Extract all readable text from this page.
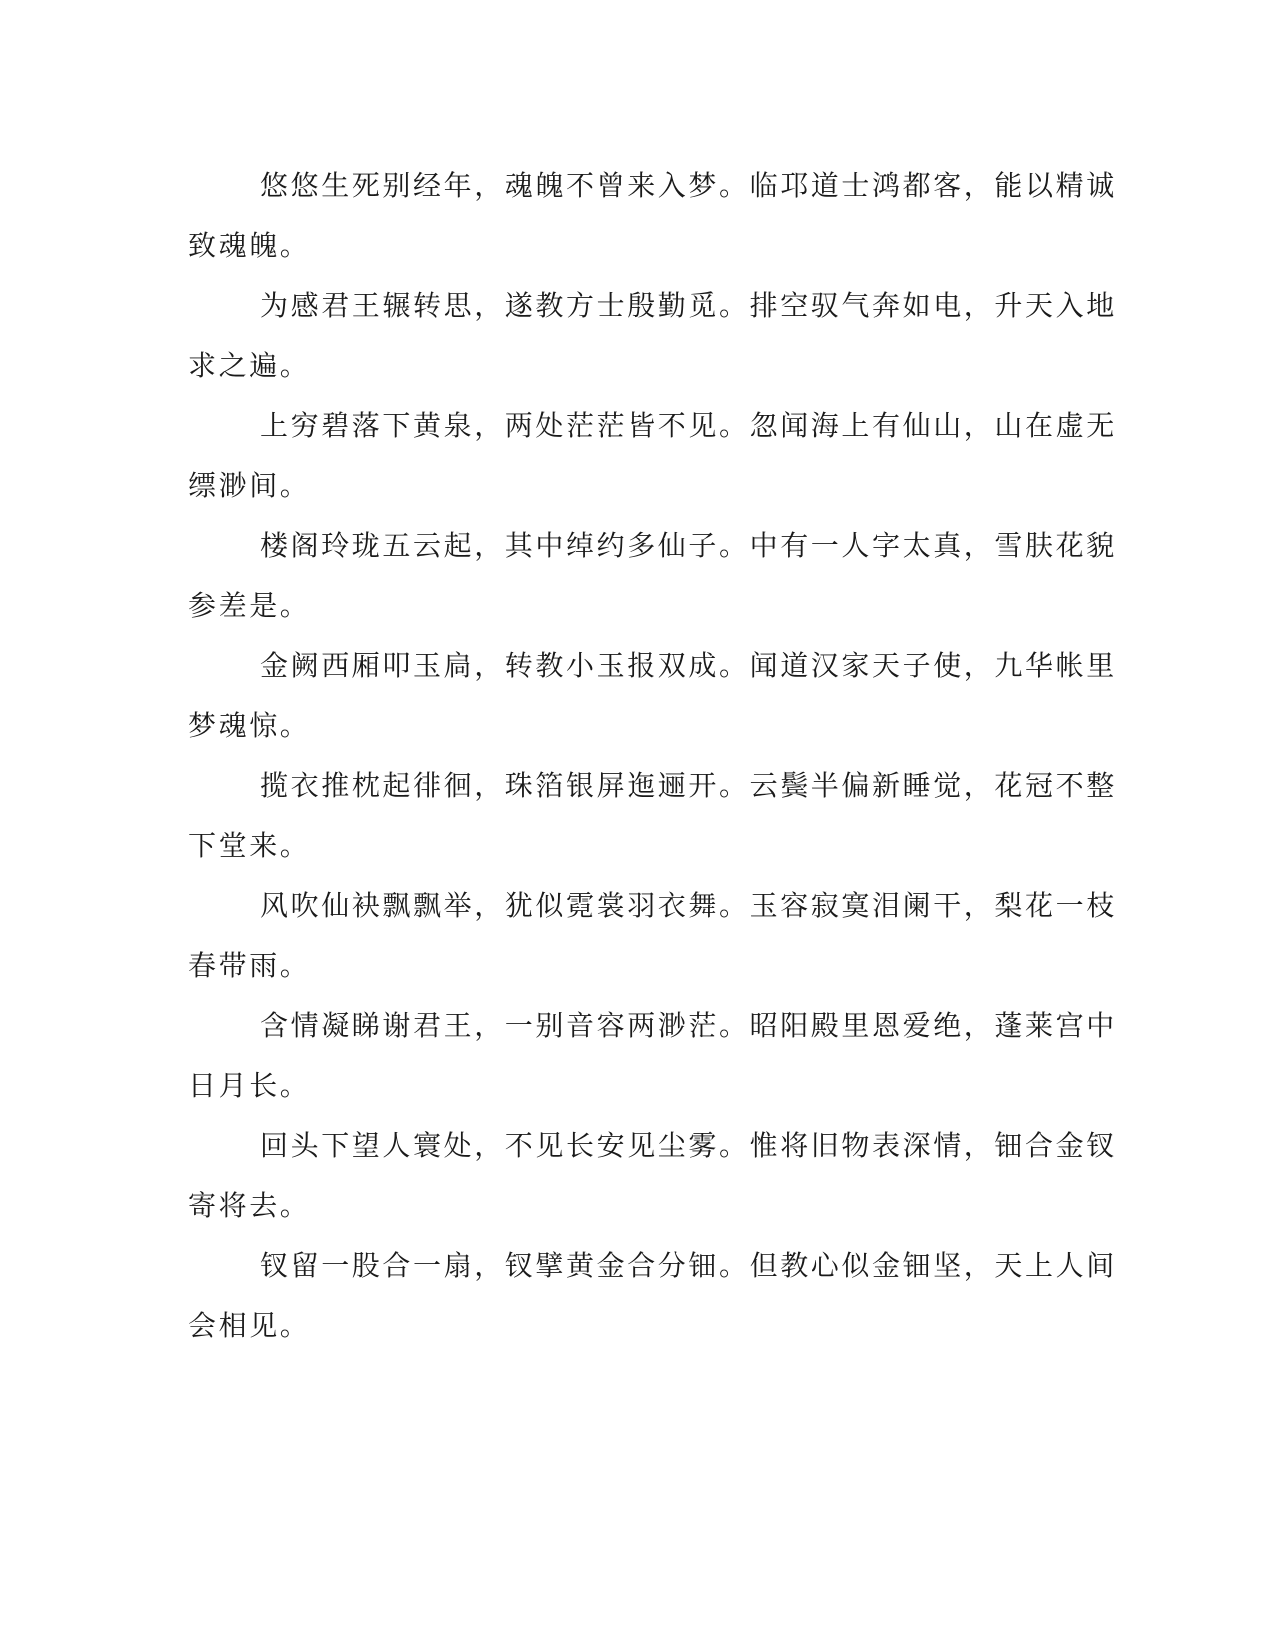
悠悠生死别经年，魂魄不曾来入梦。临邛道士鸿都客，能以精诚
致魂魄。

为感君王辗转思，遂教方士殷勤觅。排空驭气奔如电，升天入地
求之遍。

上穷碧落下黄泉，两处茫茫皆不见。忽闻海上有仙山，山在虚无
缥渺间。

楼阁玲珑五云起，其中绰约多仙子。中有一人字太真，雪肤花貌
参差是。

金阙西厢叩玉扃，转教小玉报双成。闻道汉家天子使，九华帐里
梦魂惊。

揽衣推枕起徘徊，珠箔银屏迤逦开。云鬓半偏新睡觉，花冠不整
下堂来。

风吹仙袂飘飘举，犹似霓裳羽衣舞。玉容寂寞泪阑干，梨花一枝
春带雨。

含情凝睇谢君王，一别音容两渺茫。昭阳殿里恩爱绝，蓬莱宫中
日月长。

回头下望人寰处，不见长安见尘雾。惟将旧物表深情，钿合金钗
寄将去。

钗留一股合一扇，钗擘黄金合分钿。但教心似金钿坚，天上人间
会相见。
